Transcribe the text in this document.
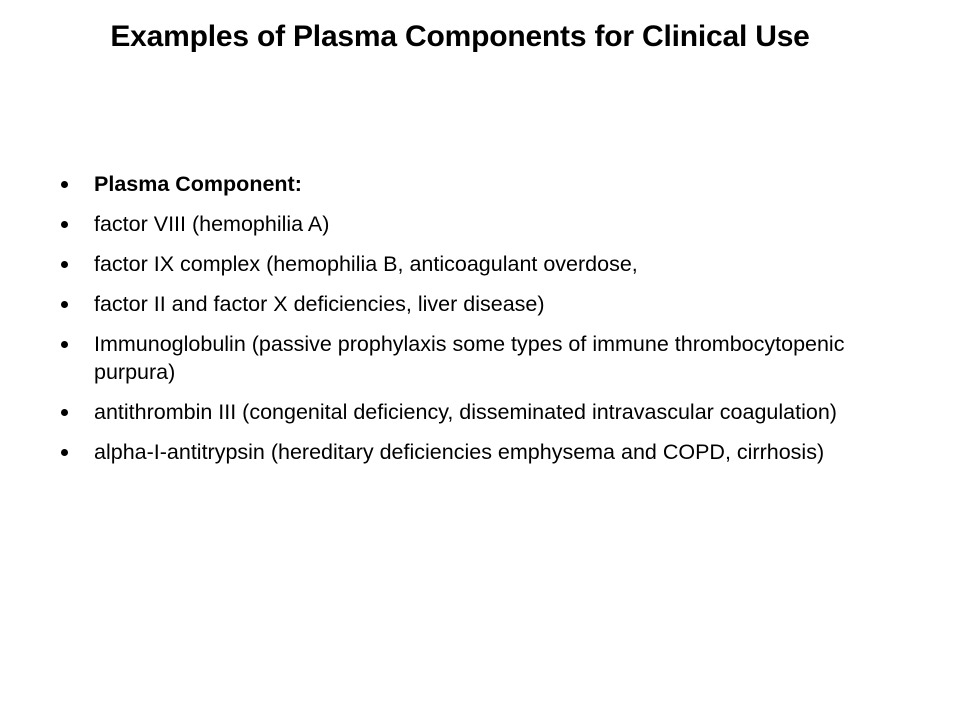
Examples of Plasma Components for Clinical Use
Plasma Component:
factor VIII (hemophilia A)
factor IX complex (hemophilia B, anticoagulant overdose,
factor II and factor X deficiencies, liver disease)
Immunoglobulin (passive prophylaxis some types of immune thrombocytopenic purpura)
antithrombin III (congenital deficiency, disseminated intravascular coagulation)
alpha-I-antitrypsin (hereditary deficiencies emphysema and COPD, cirrhosis)
